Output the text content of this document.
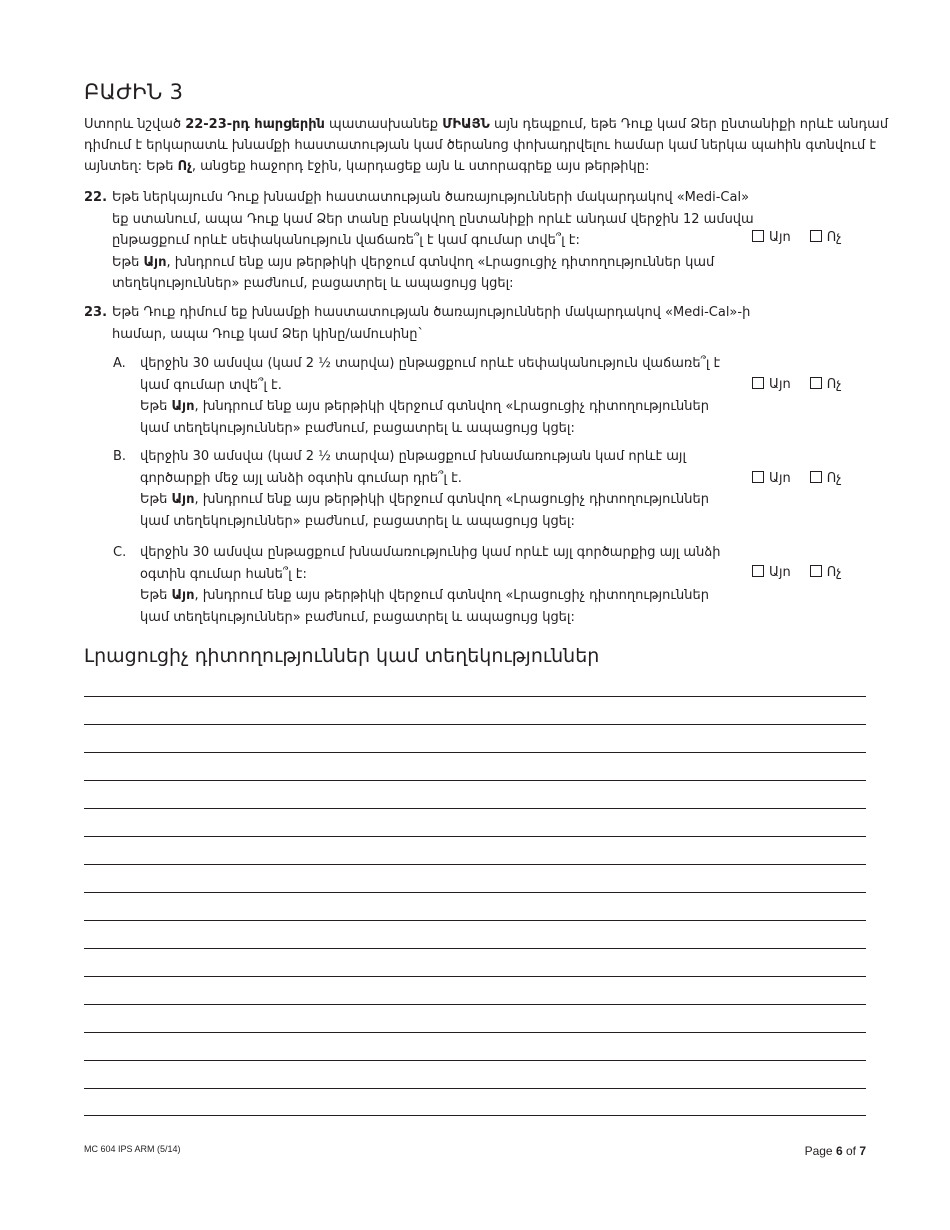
ԲԱԺԻՆ 3
Ստորև նշված 22-23-րդ հարցերին պատասխանեք ՄԻԱՅՆ այն դեպքում, եթե Դուք կամ Ձեր ընտանիքի որևէ անդամ
դիմում է երկարատև խնամքի հաստատության կամ ծերանոց փոխադրվելու համար կամ ներկա պահին գտնվում է
այնտեղ: Եթե Ոչ, անցեք հաջորդ էջին, կարդացեք այն և ստորագրեք այս թերթիկը:
22. Եթե ներկայումս Դուք խնամքի հաստատության ծառայությունների մակարդակով «Medi-Cal»
եք ստանում, ապա Դուք կամ Ձեր տանը բնակվող ընտանիքի որևէ անդամ վերջին 12 ամսվա
ընթացքում որևէ սեփականություն վաճառե՞լ է կամ գումար տվե՞լ է:
Եթե Այո, խնդրում ենք այս թերթիկի վերջում գտնվող «Լրացուցիչ դիտողություններ կամ
տեղեկություններ» բաժնում, բացատրել և ապացույց կցել:
Այո	Ոչ
23. Եթե Դուք դիմում եք խնամքի հաստատության ծառայությունների մակարդակով «Medi-Cal»-ի
համար, ապա Դուք կամ Ձեր կինը/ամուսինը`
A. վերջին 30 ամսվա (կամ 2 ½ տարվա) ընթացքում որևէ սեփականություն վաճառե՞լ է
կամ գումար տվե՞լ է.
Եթե Այո, խնդրում ենք այս թերթիկի վերջում գտնվող «Լրացուցիչ դիտողություններ
կամ տեղեկություններ» բաժնում, բացատրել և ապացույց կցել:
Այո	Ոչ
B. վերջին 30 ամսվա (կամ 2 ½ տարվա) ընթացքում խնամառության կամ որևէ այլ
գործարքի մեջ այլ անձի օգտին գումար դրե՞լ է.
Եթե Այո, խնդրում ենք այս թերթիկի վերջում գտնվող «Լրացուցիչ դիտողություններ
կամ տեղեկություններ» բաժնում, բացատրել և ապացույց կցել:
Այո	Ոչ
C. վերջին 30 ամսվա ընթացքում խնամառությունից կամ որևէ այլ գործարքից այլ անձի
օգտին գումար հանե՞լ է:
Եթե Այո, խնդրում ենք այս թերթիկի վերջում գտնվող «Լրացուցիչ դիտողություններ
կամ տեղեկություններ» բաժնում, բացատրել և ապացույց կցել:
Այո	Ոչ
Լրացուցիչ դիտողություններ կամ տեղեկություններ
MC 604 IPS ARM (5/14)	Page 6 of 7
